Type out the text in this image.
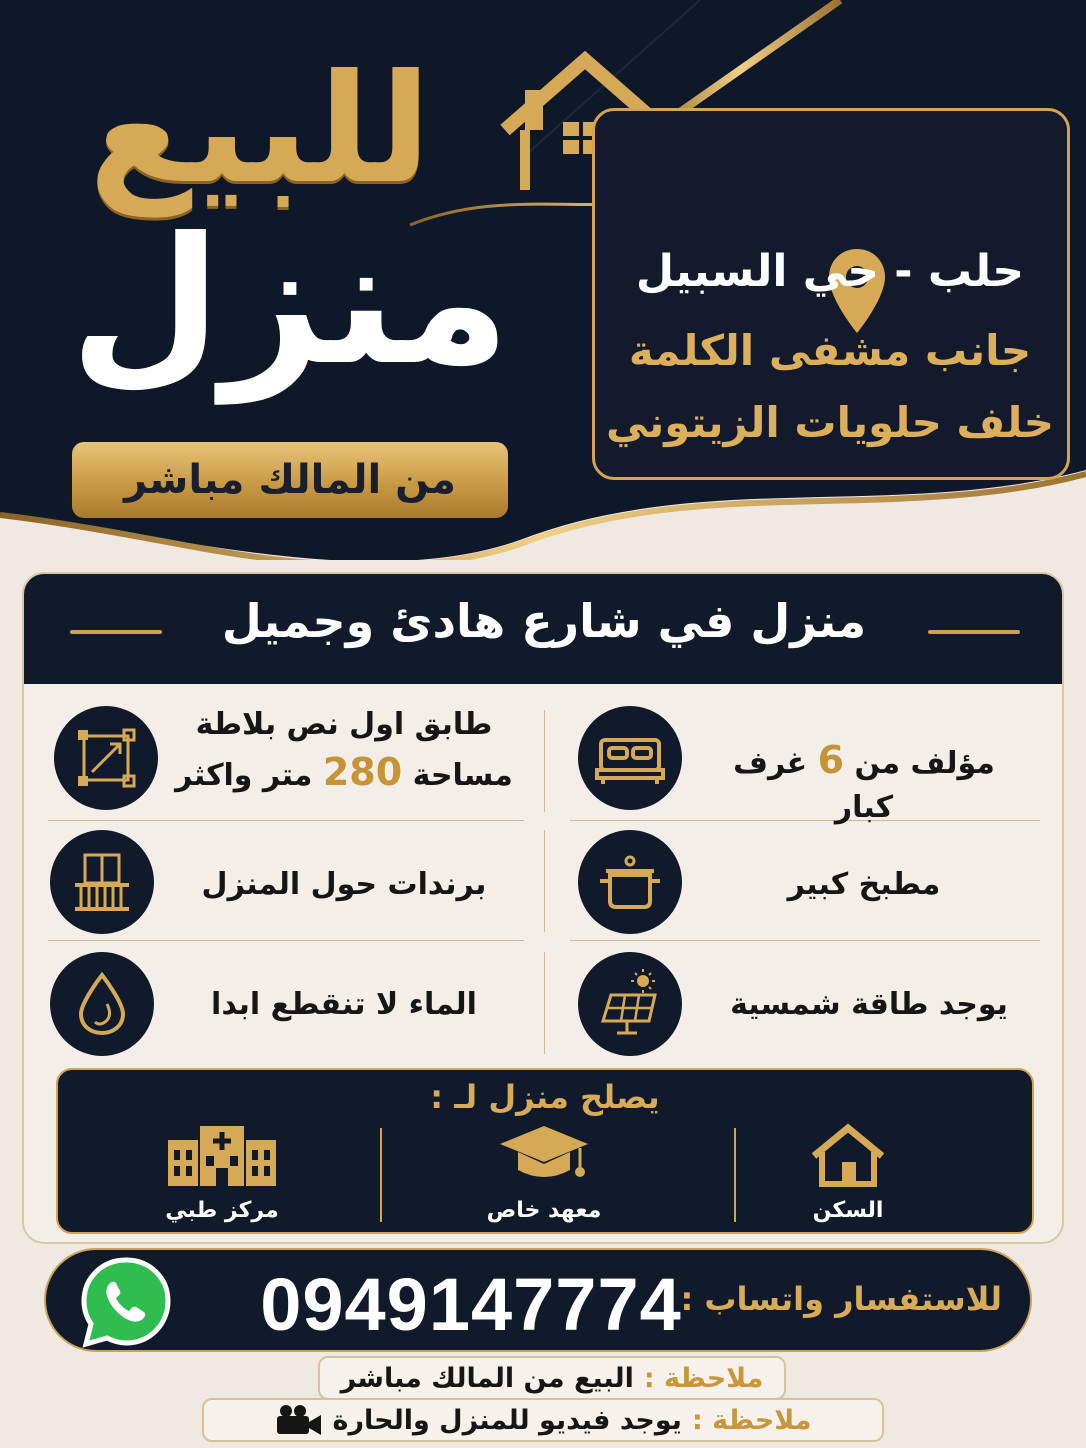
للبيع
منزل
من المالك مباشر
حلب - حي السبيل
جانب مشفى الكلمة
خلف حلويات الزيتوني
منزل في شارع هادئ وجميل
مؤلف من 6 غرف كبار
طابق اول نص بلاطة
مساحة 280 متر واكثر
مطبخ كبير
برندات حول المنزل
يوجد طاقة شمسية
الماء لا تنقطع ابدا
يصلح منزل لـ :
السكن
معهد خاص
مركز طبي
للاستفسار واتساب :
0949147774
ملاحظة :
البيع من المالك مباشر
ملاحظة :
يوجد فيديو للمنزل والحارة
